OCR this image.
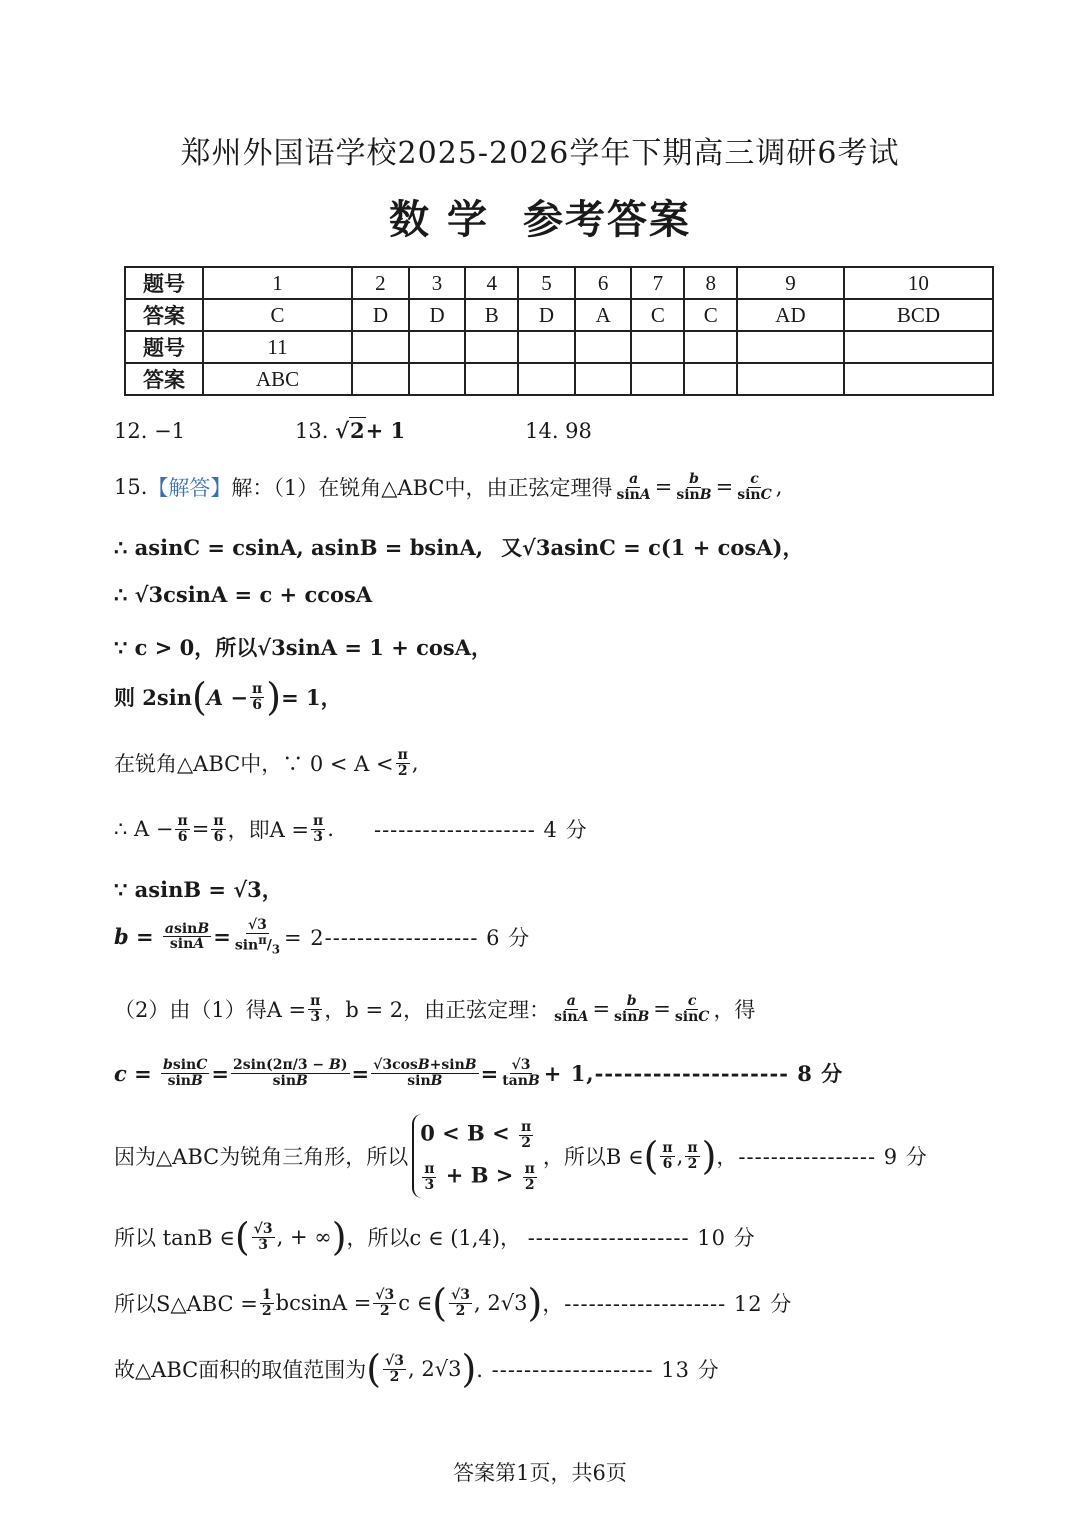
郑州外国语学校2025-2026学年下期高三调研6考试
数 学 参考答案
题号	1	2	3	4	5	6	7	8	9	10
答案	C	D	D	B	D	A	C	C	AD	BCD
题号	11									
答案	ABC									
12. −1	13.
√2 + 1	14. 98
15. 【解答】 解：（1）在锐角△ABC中，由正弦定理得 $\frac{a}{\sin A} = \frac{b}{\sin B} = \frac{c}{\sin C}$ ,
∴ asinC = csinA, asinB = bsinA, 又√3asinC = c(1 + cosA)，
∴ √3csinA = c + ccosA
∵ c > 0，所以√3sinA = 1 + cosA，
则 2sin ( $A - \frac{\pi}{6}$ ) = 1，
在锐角△ABC中，∵ $0 < A < \frac{\pi}{2}$ ,
∴ $A - \frac{\pi}{6} = \frac{\pi}{6}$ ，即$A = \frac{\pi}{3}$ . -------------------- 4 分
∵ asinB = √3，
b =
$\frac{asinB}{\sin A} = \frac{√3}{\sin^\pi/_3} = 2-------------------$ 6 分
（2）由（1）得$A = \frac{\pi}{3}$ ，b = 2，由正弦定理： $\frac{a}{\sin A} = \frac{b}{\sin B} = \frac{c}{\sin C}$ ，得
c =
$\frac{bsinC}{\sin B} = \frac{2\sin(2\pi/3 - B)}{\sin B} = \frac{√3\cos B+\sin B}{\sin B} = \frac{√3}{\tan B} + 1,--------------------$ 8 分
因为△ABC为锐角三角形，所以
$0 < B < \frac{\pi}{2}$
$\frac{\pi}{3} + B > \frac{\pi}{2}$
，所以B ∈ ( $\frac{\pi}{6}$ , $\frac{\pi}{2}$ ) ，----------------- 9 分
所以 tanB ∈ ( $\frac{√3}{3}$ , + ∞ ) ，所以c ∈ (1,4)，
-------------------- 10 分
所以S△ABC = $\frac{1}{2}$ $bcsinA = \frac{√3}{2}$ c ∈ ( $\frac{√3}{2}$ , 2√3 ) ，-------------------- 12 分
故△ABC面积的取值范围为 ( $\frac{√3}{2}$ , 2√3 ) . -------------------- 13 分
答案第1页，共6页
